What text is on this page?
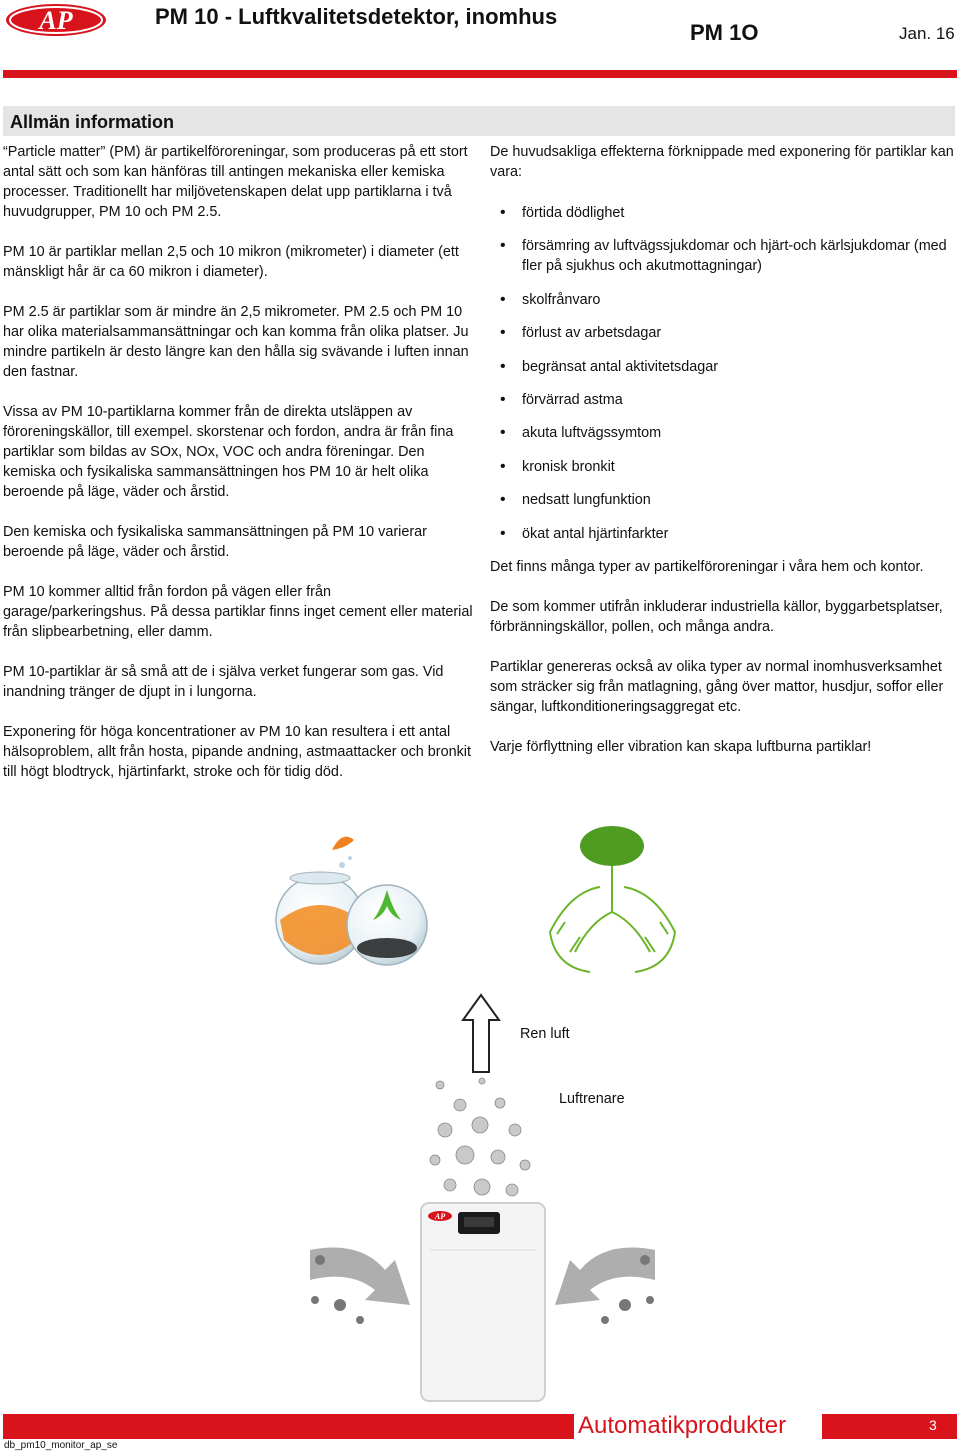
AP	PM 10 - Luftkvalitetsdetektor, inomhus
PM 1O	Jan. 16
Allmän information

“Particle matter” (PM) är partikelföroreningar, som produceras på ett stort antal sätt och som kan hänföras till antingen mekaniska eller kemiska processer. Traditionellt har miljövetenskapen delat upp partiklarna i två huvudgrupper, PM 10 och PM 2.5.

PM 10 är partiklar mellan 2,5 och 10 mikron (mikrometer) i diameter (ett mänskligt hår är ca 60 mikron i diameter).

PM 2.5 är partiklar som är mindre än 2,5 mikrometer. PM 2.5 och PM 10 har olika materialsammansättningar och kan komma från olika platser. Ju mindre partikeln är desto längre kan den hålla sig svävande i luften innan den fastnar.

Vissa av PM 10-partiklarna kommer från de direkta utsläppen av föroreningskällor, till exempel. skorstenar och fordon, andra är från fina partiklar som bildas av SOx, NOx, VOC och andra föreningar. Den kemiska och fysikaliska sammansättningen hos PM 10 är helt olika beroende på läge, väder och årstid.

Den kemiska och fysikaliska sammansättningen på PM 10 varierar beroende på läge, väder och årstid.

PM 10 kommer alltid från fordon på vägen eller från garage/parkeringshus. På dessa partiklar finns inget cement eller material från slipbearbetning, eller damm.

PM 10-partiklar är så små att de i själva verket fungerar som gas. Vid inandning tränger de djupt in i lungorna.

Exponering för höga koncentrationer av PM 10 kan resultera i ett antal hälsoproblem, allt från hosta, pipande andning, astmaattacker och bronkit till högt blodtryck, hjärtinfarkt, stroke och för tidig död.

De huvudsakliga effekterna förknippade med exponering för partiklar kan vara:

• förtida dödlighet
• försämring av luftvägssjukdomar och hjärt-och kärlsjukdomar (med fler på sjukhus och akutmottagningar)
• skolfrånvaro
• förlust av arbetsdagar
• begränsat antal aktivitetsdagar
• förvärrad astma
• akuta luftvägssymtom
• kronisk bronkit
• nedsatt lungfunktion
• ökat antal hjärtinfarkter

Det finns många typer av partikelföroreningar i våra hem och kontor.

De som kommer utifrån inkluderar industriella källor, byggarbetsplatser, förbränningskällor, pollen, och många andra.

Partiklar genereras också av olika typer av normal inomhusverksamhet som sträcker sig från matlagning, gång över mattor, husdjur, soffor eller sängar, luftkonditioneringsaggregat etc.

Varje förflyttning eller vibration kan skapa luftburna partiklar!

Ren luft
Luftrenare
AP
Automatikprodukter	3
db_pm10_monitor_ap_se
